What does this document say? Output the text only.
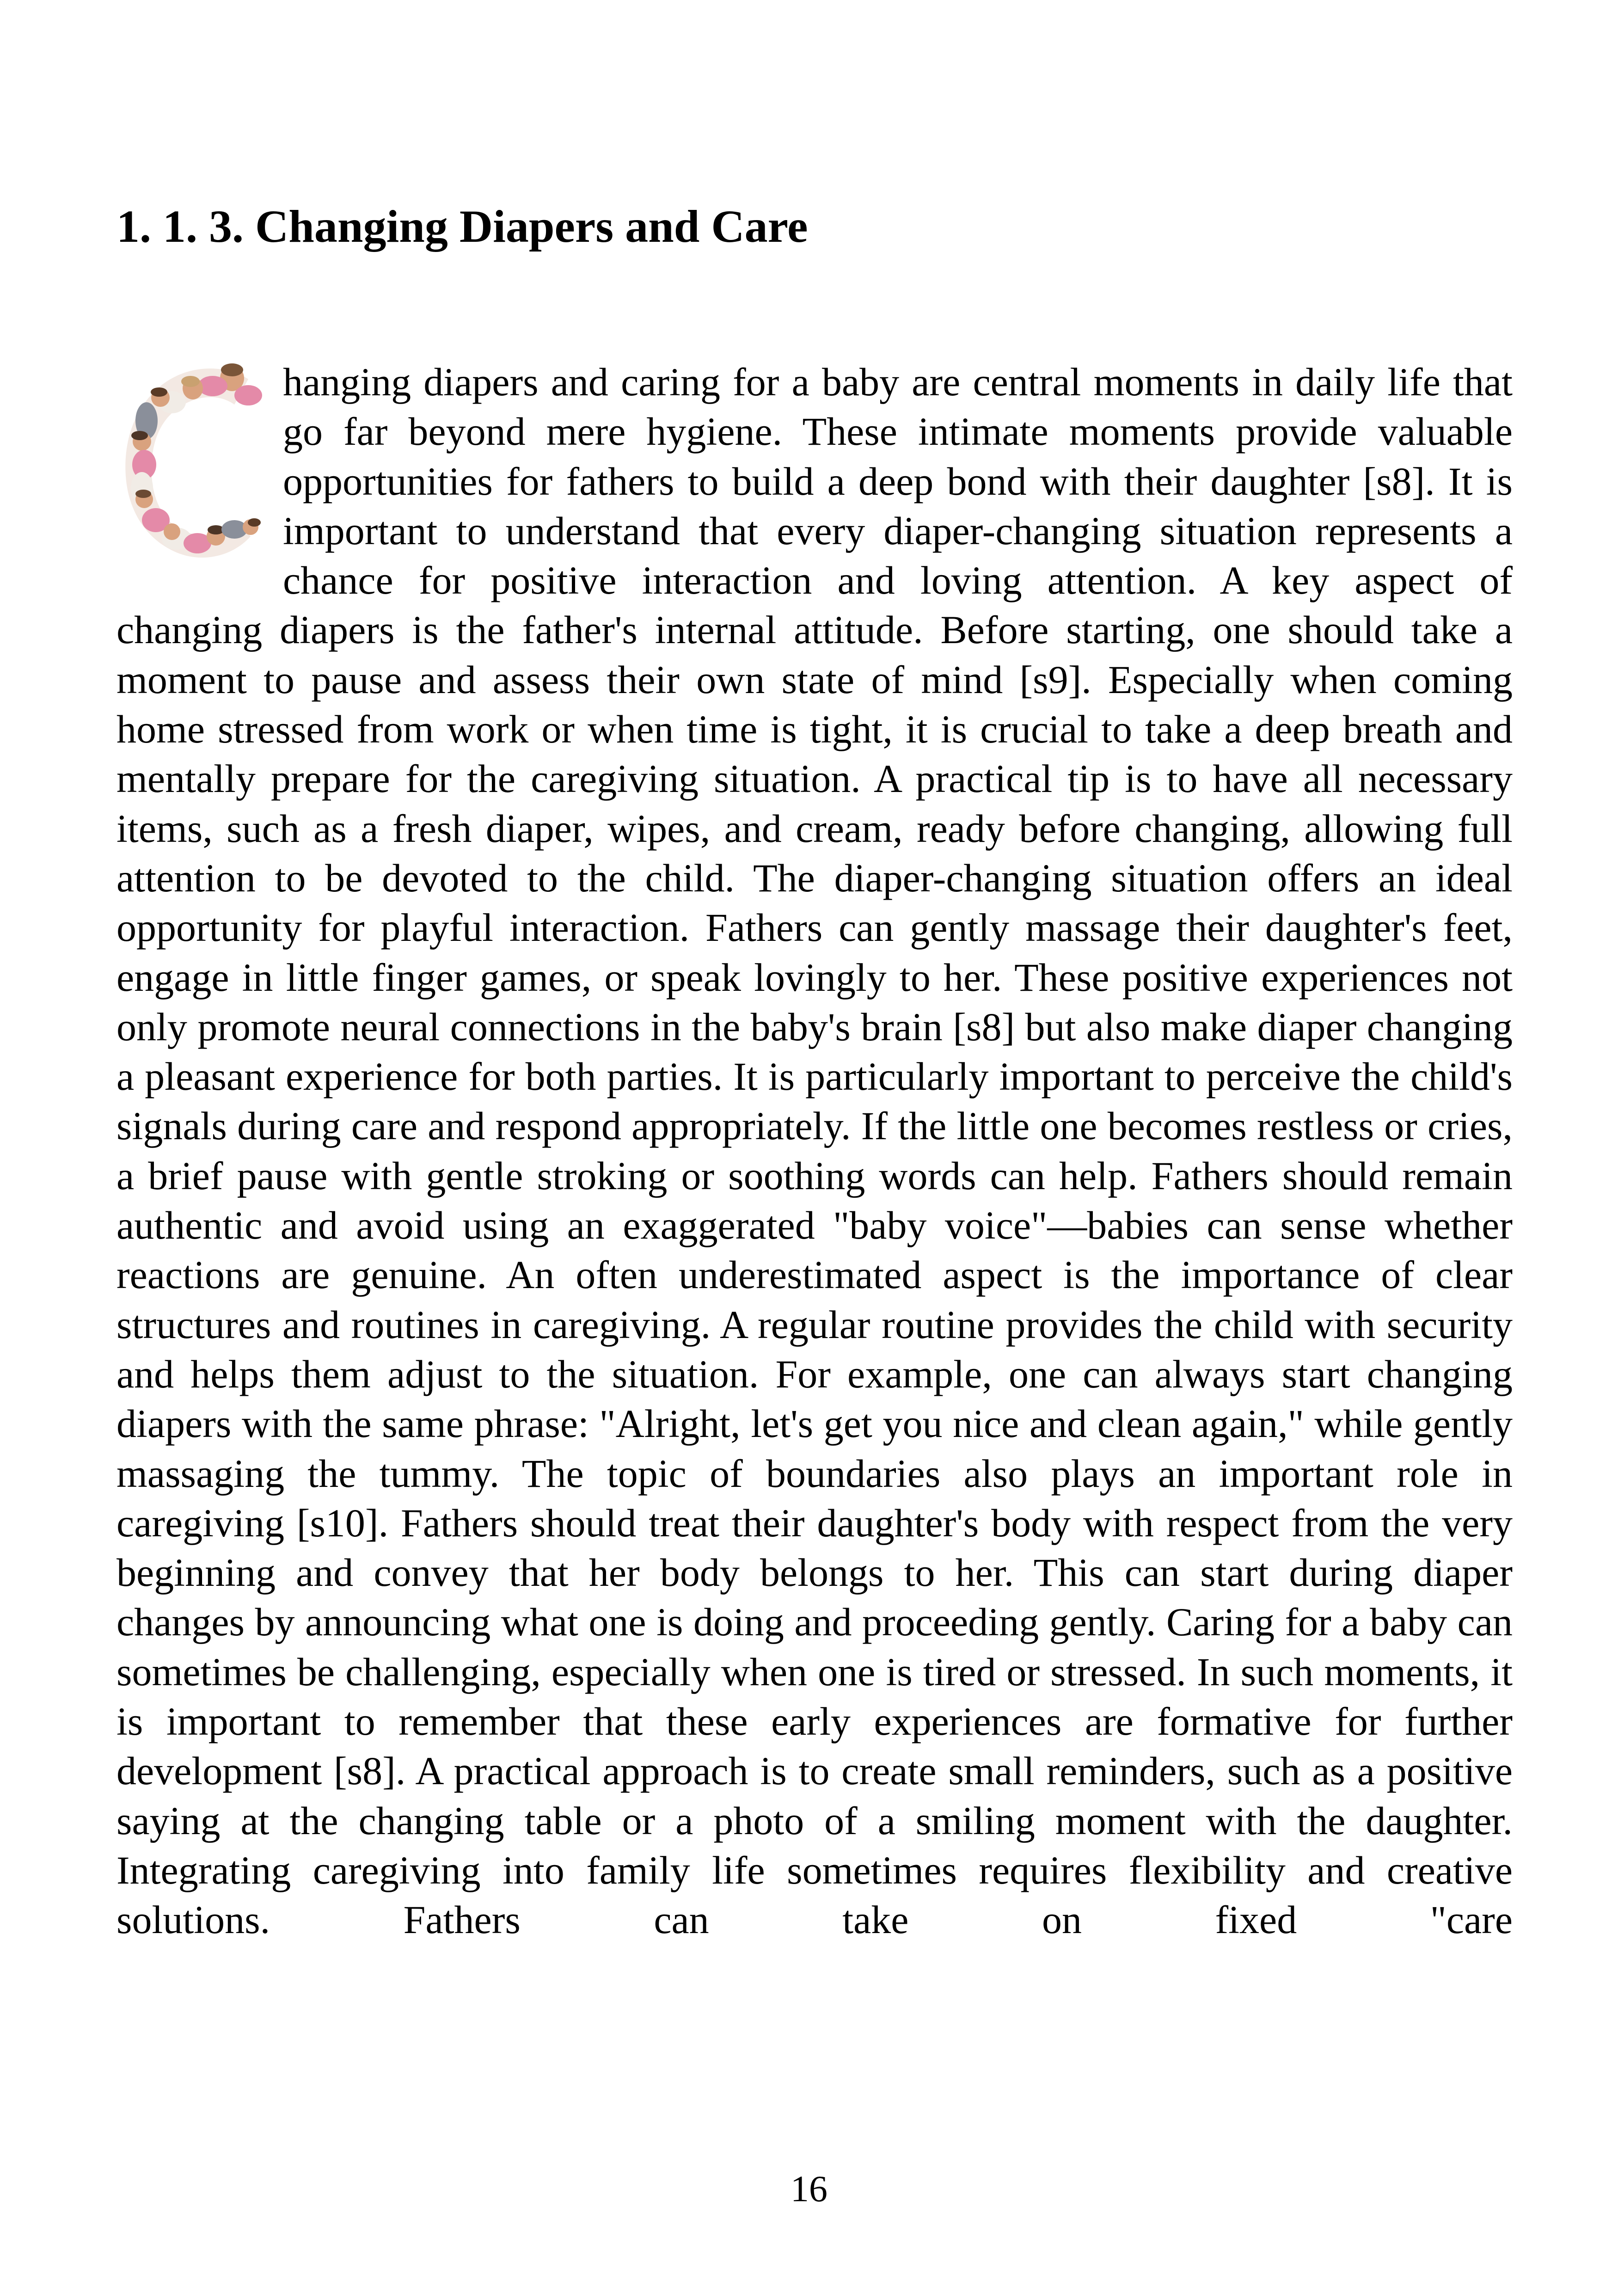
1. 1. 3. Changing Diapers and Care
hanging diapers and caring for a baby are central moments in daily life that go far beyond mere hygiene. These intimate moments provide valuable opportunities for fathers to build a deep bond with their daughter [s8]. It is important to understand that every diaper-changing situation represents a chance for positive interaction and loving attention. A key aspect of changing diapers is the father's internal attitude. Before starting, one should take a moment to pause and assess their own state of mind [s9]. Especially when coming home stressed from work or when time is tight, it is crucial to take a deep breath and mentally prepare for the caregiving situation. A practical tip is to have all necessary items, such as a fresh diaper, wipes, and cream, ready before changing, allowing full attention to be devoted to the child. The diaper-changing situation offers an ideal opportunity for playful interaction. Fathers can gently massage their daughter's feet, engage in little finger games, or speak lovingly to her. These positive experiences not only promote neural connections in the baby's brain [s8] but also make diaper changing a pleasant experience for both parties. It is particularly important to perceive the child's signals during care and respond appropriately. If the little one becomes restless or cries, a brief pause with gentle stroking or soothing words can help. Fathers should remain authentic and avoid using an exaggerated "baby voice"—babies can sense whether reactions are genuine. An often underestimated aspect is the importance of clear structures and routines in caregiving. A regular routine provides the child with security and helps them adjust to the situation. For example, one can always start changing diapers with the same phrase: "Alright, let's get you nice and clean again," while gently massaging the tummy. The topic of boundaries also plays an important role in caregiving [s10]. Fathers should treat their daughter's body with respect from the very beginning and convey that her body belongs to her. This can start during diaper changes by announcing what one is doing and proceeding gently. Caring for a baby can sometimes be challenging, especially when one is tired or stressed. In such moments, it is important to remember that these early experiences are formative for further development [s8]. A practical approach is to create small reminders, such as a positive saying at the changing table or a photo of a smiling moment with the daughter. Integrating caregiving into family life sometimes requires flexibility and creative solutions. Fathers can take on fixed "care
16
